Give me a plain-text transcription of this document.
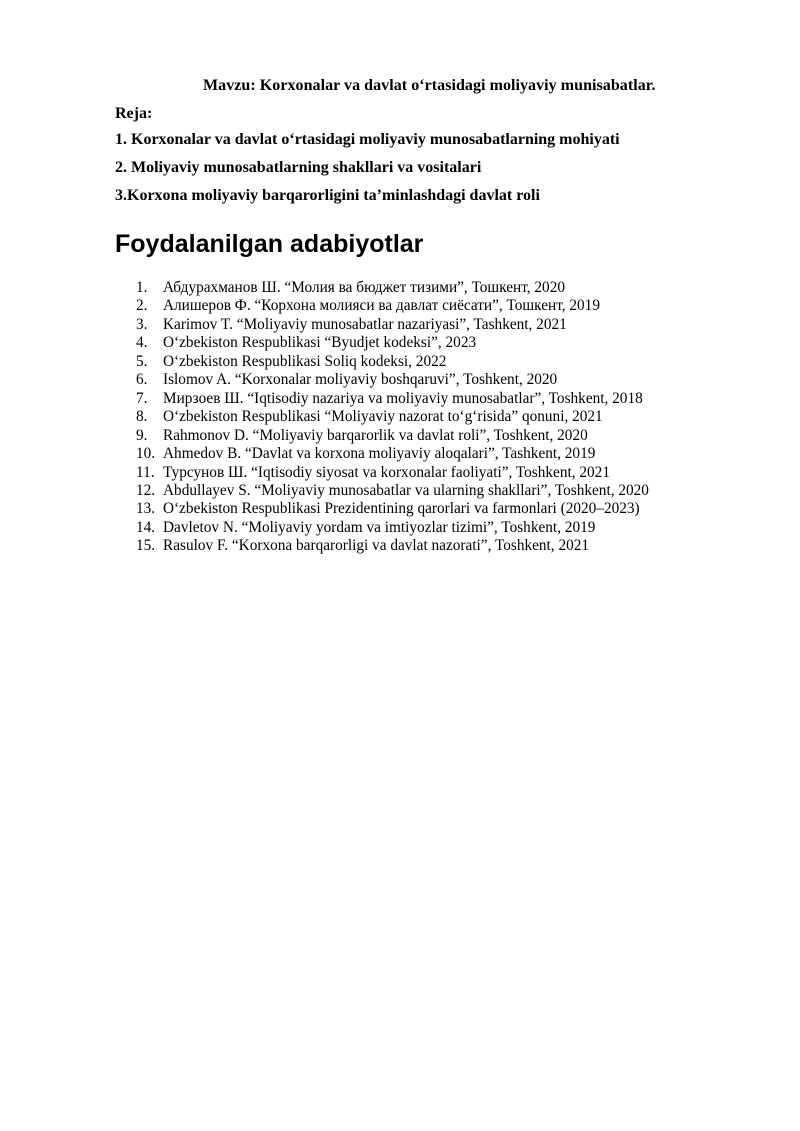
Mavzu: Korxonalar va davlat o‘rtasidagi moliyaviy munisabatlar.
Reja:
1. Korxonalar va davlat o‘rtasidagi moliyaviy munosabatlarning mohiyati
2. Moliyaviy munosabatlarning shakllari va vositalari
3.Korxona moliyaviy barqarorligini ta’minlashdagi davlat roli
Foydalanilgan adabiyotlar
1.	Абдурахманов Ш. “Молия ва бюджет тизими”, Тошкент, 2020
2.	Алишеров Ф. “Корхона молияси ва давлат сиёсати”, Тошкент, 2019
3.	Karimov T. “Moliyaviy munosabatlar nazariyasi”, Tashkent, 2021
4.	O‘zbekiston Respublikasi “Byudjet kodeksi”, 2023
5.	O‘zbekiston Respublikasi Soliq kodeksi, 2022
6.	Islomov A. “Korxonalar moliyaviy boshqaruvi”, Toshkent, 2020
7.	Мирзоев Ш. “Iqtisodiy nazariya va moliyaviy munosabatlar”, Toshkent, 2018
8.	O‘zbekiston Respublikasi “Moliyaviy nazorat to‘g‘risida” qonuni, 2021
9.	Rahmonov D. “Moliyaviy barqarorlik va davlat roli”, Toshkent, 2020
10. Ahmedov B. “Davlat va korxona moliyaviy aloqalari”, Tashkent, 2019
11. Турсунов Ш. “Iqtisodiy siyosat va korxonalar faoliyati”, Toshkent, 2021
12. Abdullayev S. “Moliyaviy munosabatlar va ularning shakllari”, Toshkent, 2020
13. O‘zbekiston Respublikasi Prezidentining qarorlari va farmonlari (2020–2023)
14. Davletov N. “Moliyaviy yordam va imtiyozlar tizimi”, Toshkent, 2019
15. Rasulov F. “Korxona barqarorligi va davlat nazorati”, Toshkent, 2021
